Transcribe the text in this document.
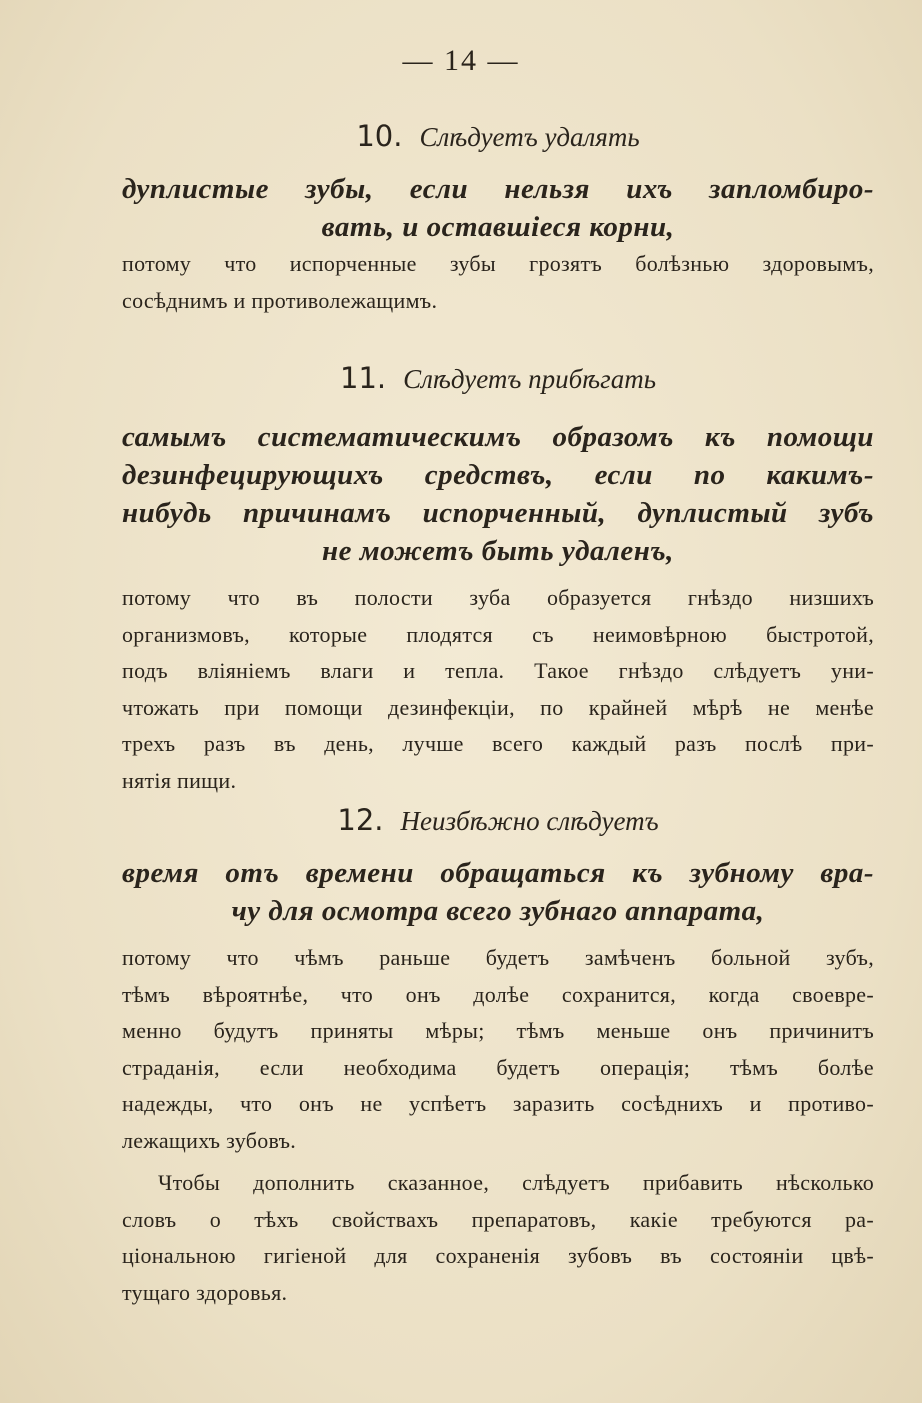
— 14 —

10. Слѣдуетъ удалять

дуплистые зубы, если нельзя ихъ запломбиро-
вать, и оставшіеся корни,

потому что испорченные зубы грозятъ болѣзнью здоровымъ,
сосѣднимъ и противолежащимъ.

11. Слѣдуетъ прибѣгать

самымъ систематическимъ образомъ къ помощи
дезинфецирующихъ средствъ, если по какимъ-
нибудь причинамъ испорченный, дуплистый зубъ
не можетъ быть удаленъ,

потому что въ полости зуба образуется гнѣздо низшихъ
организмовъ, которые плодятся съ неимовѣрною быстротой,
подъ вліяніемъ влаги и тепла. Такое гнѣздо слѣдуетъ уни-
чтожать при помощи дезинфекціи, по крайней мѣрѣ не менѣе
трехъ разъ въ день, лучше всего каждый разъ послѣ при-
нятія пищи.

12. Неизбѣжно слѣдуетъ

время отъ времени обращаться къ зубному вра-
чу для осмотра всего зубнаго аппарата,

потому что чѣмъ раньше будетъ замѣченъ больной зубъ,
тѣмъ вѣроятнѣе, что онъ долѣе сохранится, когда своевре-
менно будутъ приняты мѣры; тѣмъ меньше онъ причинитъ
страданія, если необходима будетъ операція; тѣмъ болѣе
надежды, что онъ не успѣетъ заразить сосѣднихъ и противо-
лежащихъ зубовъ.

Чтобы дополнить сказанное, слѣдуетъ прибавить нѣсколько
словъ о тѣхъ свойствахъ препаратовъ, какіе требуются ра-
ціональною гигіеной для сохраненія зубовъ въ состояніи цвѣ-
тущаго здоровья.
